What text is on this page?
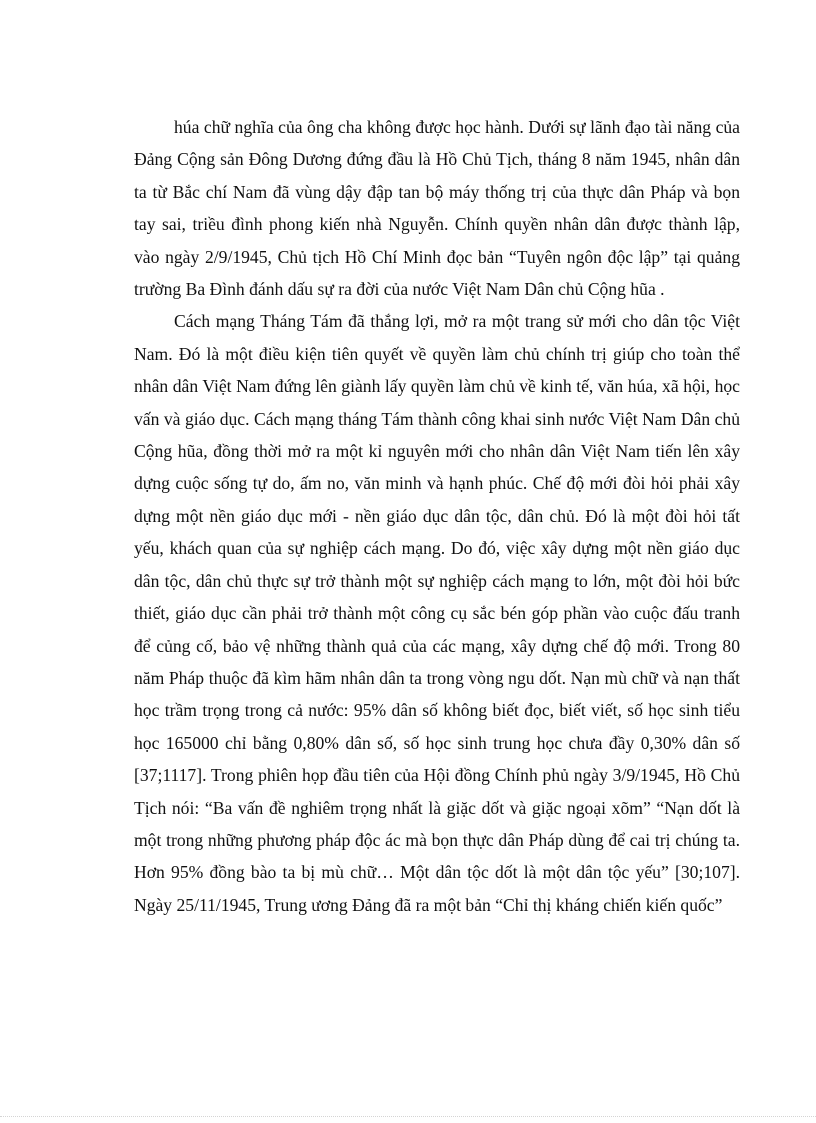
húa chữ nghĩa của ông cha không được học hành. Dưới sự lãnh đạo tài năng của Đảng Cộng sản Đông Dương đứng đầu là Hồ Chủ Tịch, tháng 8 năm 1945, nhân dân ta từ Bắc chí Nam đã vùng dậy đập tan bộ máy thống trị của thực dân Pháp và bọn tay sai, triều đình phong kiến nhà Nguyễn. Chính quyền nhân dân được thành lập, vào ngày 2/9/1945, Chủ tịch Hồ Chí Minh đọc bản “Tuyên ngôn độc lập” tại quảng trường Ba Đình đánh dấu sự ra đời của nước Việt Nam Dân chủ Cộng hũa .

Cách mạng Tháng Tám đã thắng lợi, mở ra một trang sử mới cho dân tộc Việt Nam. Đó là một điều kiện tiên quyết về quyền làm chủ chính trị giúp cho toàn thể nhân dân Việt Nam đứng lên giành lấy quyền làm chủ về kinh tế, văn húa, xã hội, học vấn và giáo dục. Cách mạng tháng Tám thành công khai sinh nước Việt Nam Dân chủ Cộng hũa, đồng thời mở ra một kỉ nguyên mới cho nhân dân Việt Nam tiến lên xây dựng cuộc sống tự do, ấm no, văn minh và hạnh phúc. Chế độ mới đòi hỏi phải xây dựng một nền giáo dục mới - nền giáo dục dân tộc, dân chủ. Đó là một đòi hỏi tất yếu, khách quan của sự nghiệp cách mạng. Do đó, việc xây dựng một nền giáo dục dân tộc, dân chủ thực sự trở thành một sự nghiệp cách mạng to lớn, một đòi hỏi bức thiết, giáo dục cần phải trở thành một công cụ sắc bén góp phần vào cuộc đấu tranh để củng cố, bảo vệ những thành quả của các mạng, xây dựng chế độ mới. Trong 80 năm Pháp thuộc đã kìm hãm nhân dân ta trong vòng ngu dốt. Nạn mù chữ và nạn thất học trầm trọng trong cả nước: 95% dân số không biết đọc, biết viết, số học sinh tiểu học 165000 chỉ bằng 0,80% dân số, số học sinh trung học chưa đầy 0,30% dân số [37;1117]. Trong phiên họp đầu tiên của Hội đồng Chính phủ ngày 3/9/1945, Hồ Chủ Tịch nói: “Ba vấn đề nghiêm trọng nhất là giặc dốt và giặc ngoại xõm” “Nạn dốt là một trong những phương pháp độc ác mà bọn thực dân Pháp dùng để cai trị chúng ta. Hơn 95% đồng bào ta bị mù chữ… Một dân tộc dốt là một dân tộc yếu” [30;107]. Ngày 25/11/1945, Trung ương Đảng đã ra một bản “Chỉ thị kháng chiến kiến quốc”
